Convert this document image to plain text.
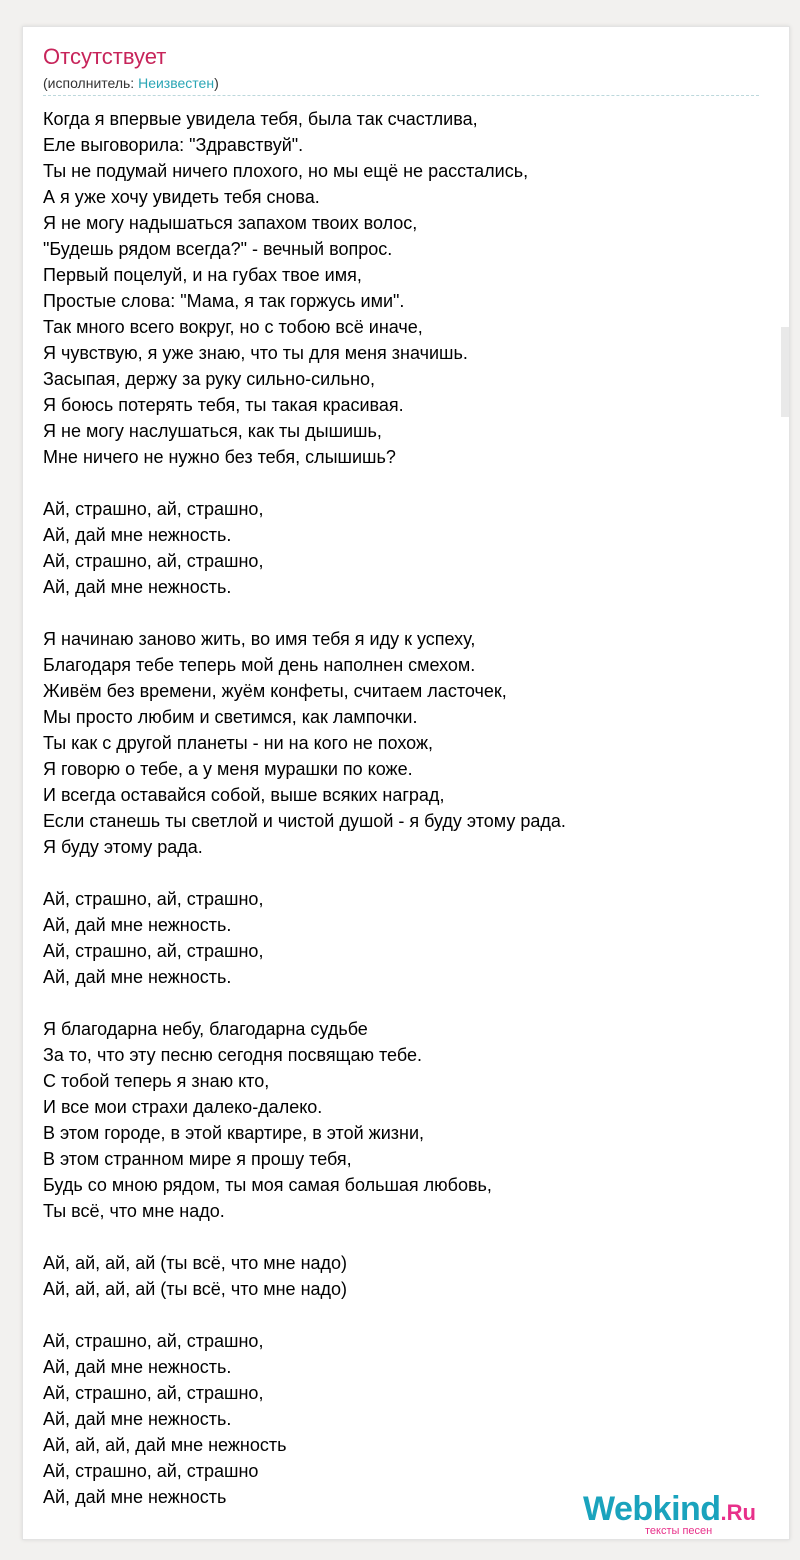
Отсутствует
(исполнитель: Неизвестен)
Когда я впервые увидела тебя, была так счастлива,
Еле выговорила: "Здравствуй".
Ты не подумай ничего плохого, но мы ещё не расстались,
А я уже хочу увидеть тебя снова.
Я не могу надышаться запахом твоих волос,
"Будешь рядом всегда?" - вечный вопрос.
Первый поцелуй, и на губах твое имя,
Простые слова: "Мама, я так горжусь ими".
Так много всего вокруг, но с тобою всё иначе,
Я чувствую, я уже знаю, что ты для меня значишь.
Засыпая, держу за руку сильно-сильно,
Я боюсь потерять тебя, ты такая красивая.
Я не могу наслушаться, как ты дышишь,
Мне ничего не нужно без тебя, слышишь?
Ай, страшно, ай, страшно,
Ай, дай мне нежность.
Ай, страшно, ай, страшно,
Ай, дай мне нежность.
Я начинаю заново жить, во имя тебя я иду к успеху,
Благодаря тебе теперь мой день наполнен смехом.
Живём без времени, жуём конфеты, считаем ласточек,
Мы просто любим и светимся, как лампочки.
Ты как с другой планеты - ни на кого не похож,
Я говорю о тебе, а у меня мурашки по коже.
И всегда оставайся собой, выше всяких наград,
Если станешь ты светлой и чистой душой - я буду этому рада.
Я буду этому рада.
Ай, страшно, ай, страшно,
Ай, дай мне нежность.
Ай, страшно, ай, страшно,
Ай, дай мне нежность.
Я благодарна небу, благодарна судьбе
За то, что эту песню сегодня посвящаю тебе.
С тобой теперь я знаю кто,
И все мои страхи далеко-далеко.
В этом городе, в этой квартире, в этой жизни,
В этом странном мире я прошу тебя,
Будь со мною рядом, ты моя самая большая любовь,
Ты всё, что мне надо.
Ай, ай, ай, ай (ты всё, что мне надо)
Ай, ай, ай, ай (ты всё, что мне надо)
Ай, страшно, ай, страшно,
Ай, дай мне нежность.
Ай, страшно, ай, страшно,
Ай, дай мне нежность.
Ай, ай, ай, дай мне нежность
Ай, страшно, ай, страшно
Ай, дай мне нежность	Webkind.Ru
тексты песен
